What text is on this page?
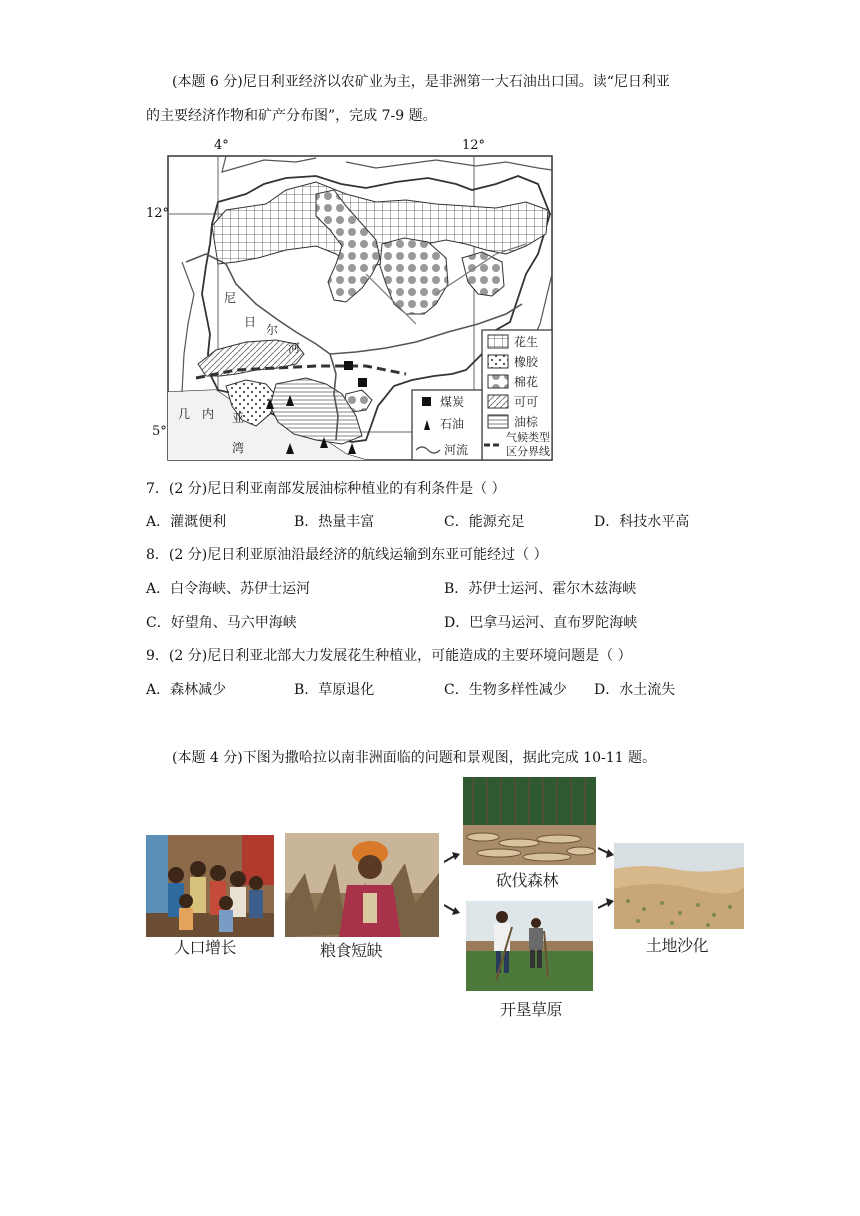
(本题 6 分)尼日利亚经济以农矿业为主，是非洲第一大石油出口国。读“尼日利亚
的主要经济作物和矿产分布图”，完成 7-9 题。
尼
日
尔
河
几 内 亚
湾
花生
橡胶
棉花
可可
油棕
煤炭
石油
河流
气候类型
区分界线
4°	12°
12°
5°
7．(2 分)尼日利亚南部发展油棕种植业的有利条件是（ ）
A．灌溉便利	B．热量丰富	C．能源充足	D．科技水平高
8．(2 分)尼日利亚原油沿最经济的航线运输到东亚可能经过（ ）
A．白令海峡、苏伊士运河	B．苏伊士运河、霍尔木兹海峡
C．好望角、马六甲海峡	D．巴拿马运河、直布罗陀海峡
9．(2 分)尼日利亚北部大力发展花生种植业，可能造成的主要环境问题是（ ）
A．森林减少	B．草原退化	C．生物多样性减少 D．水土流失
(本题 4 分)下图为撒哈拉以南非洲面临的问题和景观图，据此完成 10-11 题。
人口增长	粮食短缺
砍伐森林
开垦草原
土地沙化
